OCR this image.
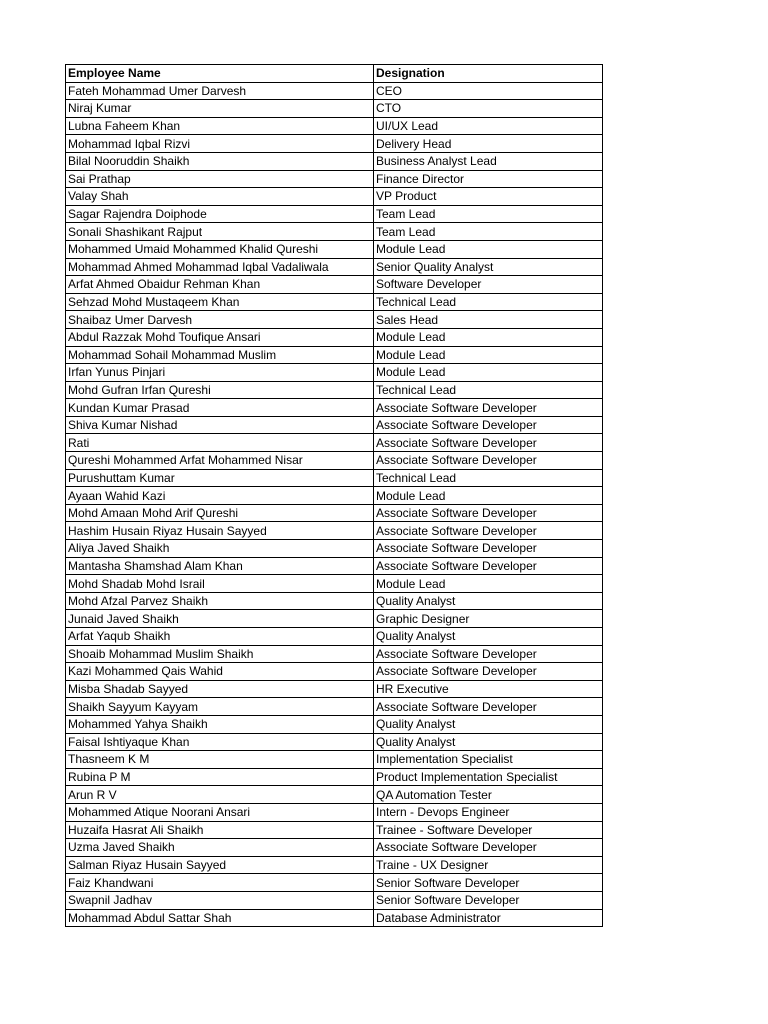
Employee Name	Designation
Fateh Mohammad Umer Darvesh	CEO
Niraj Kumar	CTO
Lubna Faheem Khan	UI/UX Lead
Mohammad Iqbal Rizvi	Delivery Head
Bilal Nooruddin Shaikh	Business Analyst Lead
Sai Prathap	Finance Director
Valay Shah	VP Product
Sagar Rajendra Doiphode	Team Lead
Sonali Shashikant Rajput	Team Lead
Mohammed Umaid Mohammed Khalid Qureshi	Module Lead
Mohammad Ahmed Mohammad Iqbal Vadaliwala	Senior Quality Analyst
Arfat Ahmed Obaidur Rehman Khan	Software Developer
Sehzad Mohd Mustaqeem Khan	Technical Lead
Shaibaz Umer Darvesh	Sales Head
Abdul Razzak Mohd Toufique Ansari	Module Lead
Mohammad Sohail Mohammad Muslim	Module Lead
Irfan Yunus Pinjari	Module Lead
Mohd Gufran Irfan Qureshi	Technical Lead
Kundan Kumar Prasad	Associate Software Developer
Shiva Kumar Nishad	Associate Software Developer
Rati	Associate Software Developer
Qureshi Mohammed Arfat Mohammed Nisar	Associate Software Developer
Purushuttam Kumar	Technical Lead
Ayaan Wahid Kazi	Module Lead
Mohd Amaan Mohd Arif Qureshi	Associate Software Developer
Hashim Husain Riyaz Husain Sayyed	Associate Software Developer
Aliya Javed Shaikh	Associate Software Developer
Mantasha Shamshad Alam Khan	Associate Software Developer
Mohd Shadab Mohd Israil	Module Lead
Mohd Afzal Parvez Shaikh	Quality Analyst
Junaid Javed Shaikh	Graphic Designer
Arfat Yaqub Shaikh	Quality Analyst
Shoaib Mohammad Muslim Shaikh	Associate Software Developer
Kazi Mohammed Qais Wahid	Associate Software Developer
Misba Shadab Sayyed	HR Executive
Shaikh Sayyum Kayyam	Associate Software Developer
Mohammed Yahya Shaikh	Quality Analyst
Faisal Ishtiyaque Khan	Quality Analyst
Thasneem K M	Implementation Specialist
Rubina P M	Product Implementation Specialist
Arun R V	QA Automation Tester
Mohammed Atique Noorani Ansari	Intern - Devops Engineer
Huzaifa Hasrat Ali Shaikh	Trainee - Software Developer
Uzma Javed Shaikh	Associate Software Developer
Salman Riyaz Husain Sayyed	Traine - UX Designer
Faiz Khandwani	Senior Software Developer
Swapnil Jadhav	Senior Software Developer
Mohammad Abdul Sattar Shah	Database Administrator
